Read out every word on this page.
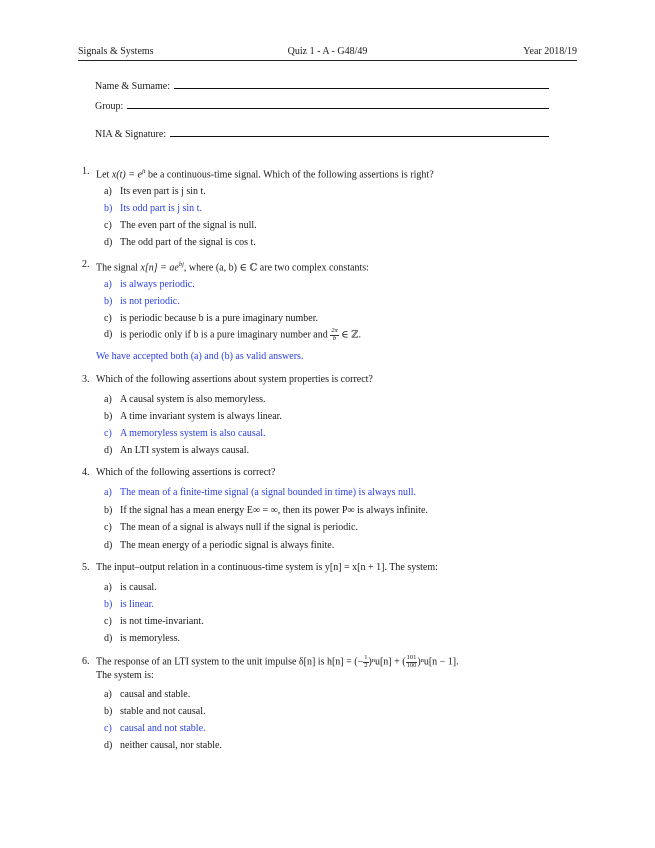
Signals & Systems	Quiz 1 - A - G48/49	Year 2018/19
Name & Surname:
Group:
NIA & Signature:
1. Let $x(t) = e^{jt}$ be a continuous-time signal. Which of the following assertions is right?
a) Its even part is j sin t.
b) Its odd part is j sin t.
c) The even part of the signal is null.
d) The odd part of the signal is cos t.
2. The signal $x[n] = ae^{bj}$, where (a, b) ∈ ℂ are two complex constants:
a) is always periodic.
b) is not periodic.
c) is periodic because b is a pure imaginary number.
d) is periodic only if b is a pure imaginary number and $\frac{2\pi}{b}$ ∈ ℤ.
We have accepted both (a) and (b) as valid answers.
3. Which of the following assertions about system properties is correct?
a) A causal system is also memoryless.
b) A time invariant system is always linear.
c) A memoryless system is also causal.
d) An LTI system is always causal.
4. Which of the following assertions is correct?
a) The mean of a finite-time signal (a signal bounded in time) is always null.
b) If the signal has a mean energy E∞ = ∞, then its power P∞ is always infinite.
c) The mean of a signal is always null if the signal is periodic.
d) The mean energy of a periodic signal is always finite.
5. The input–output relation in a continuous-time system is y[n] = x[n + 1]. The system:
a) is causal.
b) is linear.
c) is not time-invariant.
d) is memoryless.
6. The response of an LTI system to the unit impulse δ[n] is h[n] = (− $\frac{1}{2} )^nu[n]$ + ( $\frac{101}{100} )^nu[n - 1]$.
The system is:
a) causal and stable.
b) stable and not causal.
c) causal and not stable.
d) neither causal, nor stable.
